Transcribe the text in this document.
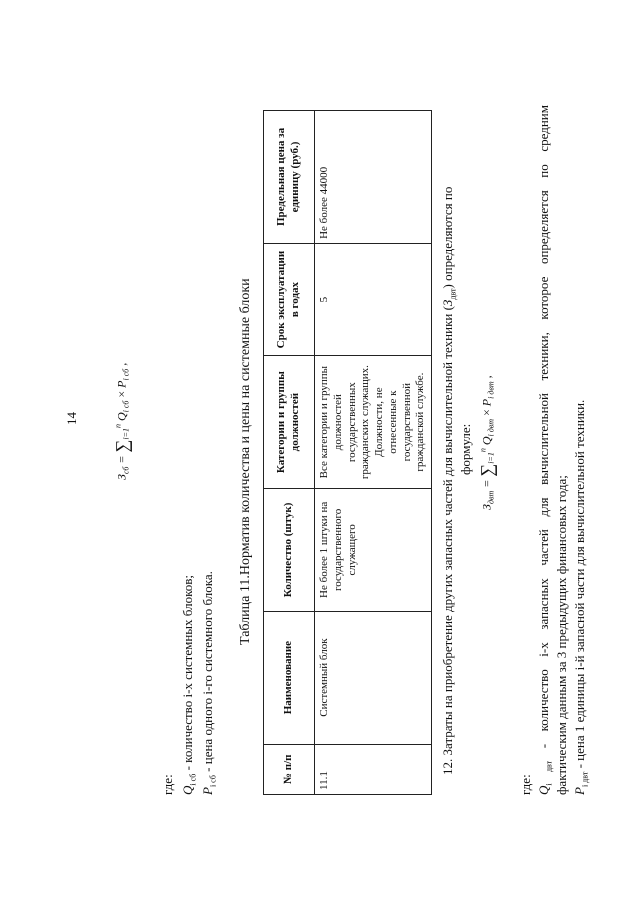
14
$З_{сб} = \sum_{i=1}^n$ $Q_{i сб} \times P_{i сб}$ ,
где: $Q_{i сб}$ - количество i-х системных блоков;
$P_{i сб}$ - цена одного i-го системного блока.
Таблица 11.Норматив количества и цены на системные блоки
№ п/п	Наименование	Количество (штук)	Категории и группы должностей	Срок эксплуатации в годах	Предельная цена за единицу (руб.)
11.1	Системный блок	Не более 1 штуки на государственного служащего	Все категории и группы должностей государственных гражданских служащих. Должности, не отнесенные к государственной гражданской службе.	5	Не более 44000
12. Затраты на приобретение других запасных частей для вычислительной техники $(З_{двт})$ определяются по
формуле:
$З_{двт} = \sum_{i=1}^n$ $Q_{i двт} \times P_{i двт}$ ,
где: $Q_{i двт}$ - количество i-х запасных частей для вычислительной техники, которое определяется по средним фактическим данным за 3 предыдущих финансовых года; $P_{i двт}$ - цена 1 единицы i-й запасной части для вычислительной техники.
